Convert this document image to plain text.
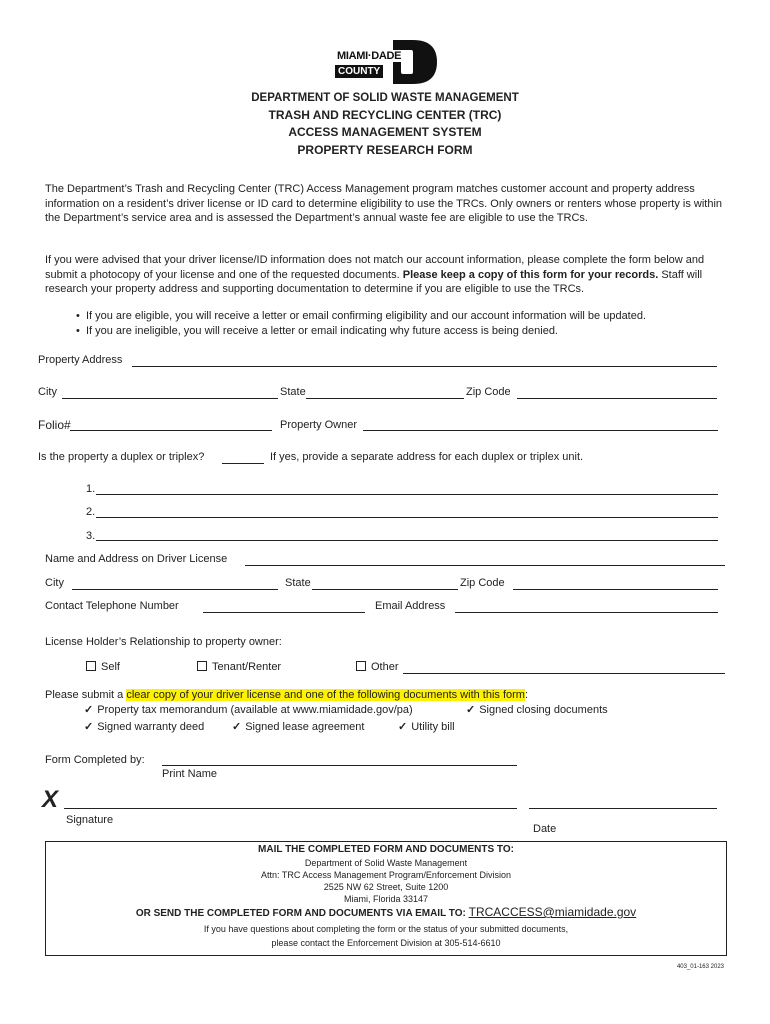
MIAMI·DADE
COUNTY
DEPARTMENT OF SOLID WASTE MANAGEMENT
TRASH AND RECYCLING CENTER (TRC)
ACCESS MANAGEMENT SYSTEM
PROPERTY RESEARCH FORM
The Department’s Trash and Recycling Center (TRC) Access Management program matches customer account and property address information on a resident’s driver license or ID card to determine eligibility to use the TRCs. Only owners or renters whose property is within the Department’s service area and is assessed the Department’s annual waste fee are eligible to use the TRCs.
If you were advised that your driver license/ID information does not match our account information, please complete the form below and submit a photocopy of your license and one of the requested documents. Please keep a copy of this form for your records. Staff will research your property address and supporting documentation to determine if you are eligible to use the TRCs.
•  If you are eligible, you will receive a letter or email confirming eligibility and our account information will be updated.
•  If you are ineligible, you will receive a letter or email indicating why future access is being denied.
Property Address
City	State	Zip Code
Folio#	Property Owner
Is the property a duplex or triplex?	If yes, provide a separate address for each duplex or triplex unit.
1.
2.
3.
Name and Address on Driver License
City	State	Zip Code
Contact Telephone Number	Email Address
License Holder’s Relationship to property owner:
Self	Tenant/Renter	Other
Please submit a clear copy of your driver license and one of the following documents with this form:
✓ Property tax memorandum (available at www.miamidade.gov/pa)	✓ Signed closing documents
✓ Signed warranty deed	✓ Signed lease agreement	✓ Utility bill
Form Completed by:
Print Name
X
Signature
Date
MAIL THE COMPLETED FORM AND DOCUMENTS TO:
Department of Solid Waste Management
Attn: TRC Access Management Program/Enforcement Division
2525 NW 62 Street, Suite 1200
Miami, Florida 33147
OR SEND THE COMPLETED FORM AND DOCUMENTS VIA EMAIL TO: TRCACCESS@miamidade.gov
If you have questions about completing the form or the status of your submitted documents,
please contact the Enforcement Division at 305-514-6610
403_01-163 2023
